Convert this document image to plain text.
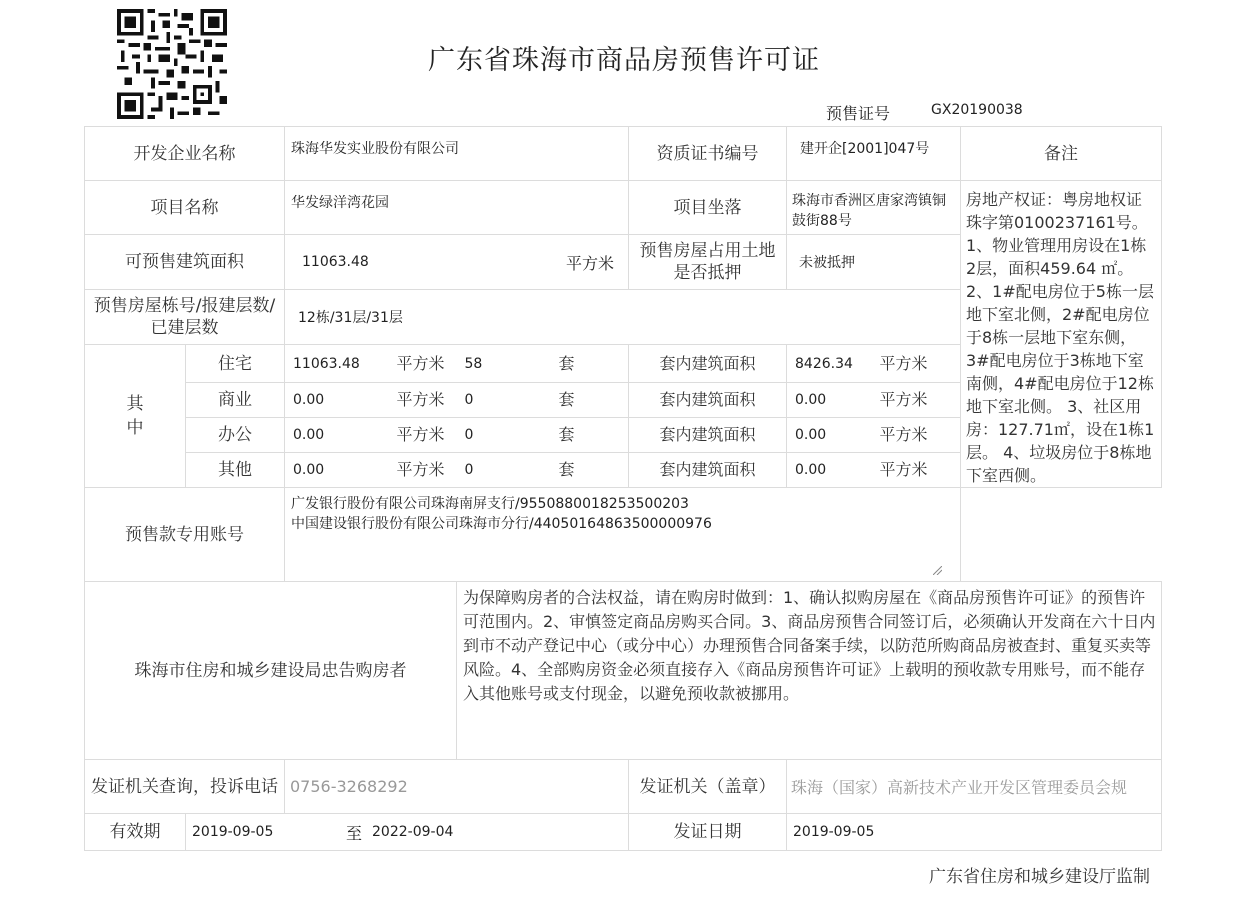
广东省珠海市商品房预售许可证
预售证号	GX20190038
开发企业名称		珠海华发实业股份有限公司				资质证书编号	建开企[2001]047号		备注
项目名称		华发绿洋湾花园				项目坐落	珠海市香洲区唐家湾镇铜鼓街88号		房地产权证：粤房地权证珠字第0100237161号。 1、物业管理用房设在1栋2层，面积459.64 ㎡。 2、1#配电房位于5栋一层地下室北侧，2#配电房位于8栋一层地下室东侧，3#配电房位于3栋地下室南侧，4#配电房位于12栋地下室北侧。 3、社区用房：127.71㎡，设在1栋1层。 4、垃圾房位于8栋地下室西侧。
可预售建筑面积		11063.48 平方米				预售房屋占用土地是否抵押	未被抵押		
预售房屋栋号/报建层数/已建层数		12栋/31层/31层							

其
中	住宅	11063.48	平方米	58	套	套内建筑面积	8426.34	平方米	
	商业	0.00	平方米	0	套	套内建筑面积	0.00	平方米	
	办公	0.00	平方米	0	套	套内建筑面积	0.00	平方米	
	其他	0.00	平方米	0	套	套内建筑面积	0.00	平方米	
预售款专用账号		广发银行股份有限公司珠海南屏支行/9550880018253500203
中国建设银行股份有限公司珠海市分行/44050164863500000976							

珠海市住房和城乡建设局忠告购房者				为保障购房者的合法权益，请在购房时做到：1、确认拟购房屋在《商品房预售许可证》的预售许可范围内。2、审慎签定商品房购买合同。3、商品房预售合同签订后，必须确认开发商在六十日内到市不动产登记中心（或分中心）办理预售合同备案手续，以防范所购商品房被查封、重复买卖等风险。4、全部购房资金必须直接存入《商品房预售许可证》上载明的预收款专用账号，而不能存入其他账号或支付现金，以避免预收款被挪用。					
发证机关查询，投诉电话		0756-3268292				发证机关（盖章）	珠海（国家）高新技术产业开发区管理委员会规		
有效期	2019-09-05 至 2022-09-04					发证日期	2019-09-05		
广东省住房和城乡建设厅监制
